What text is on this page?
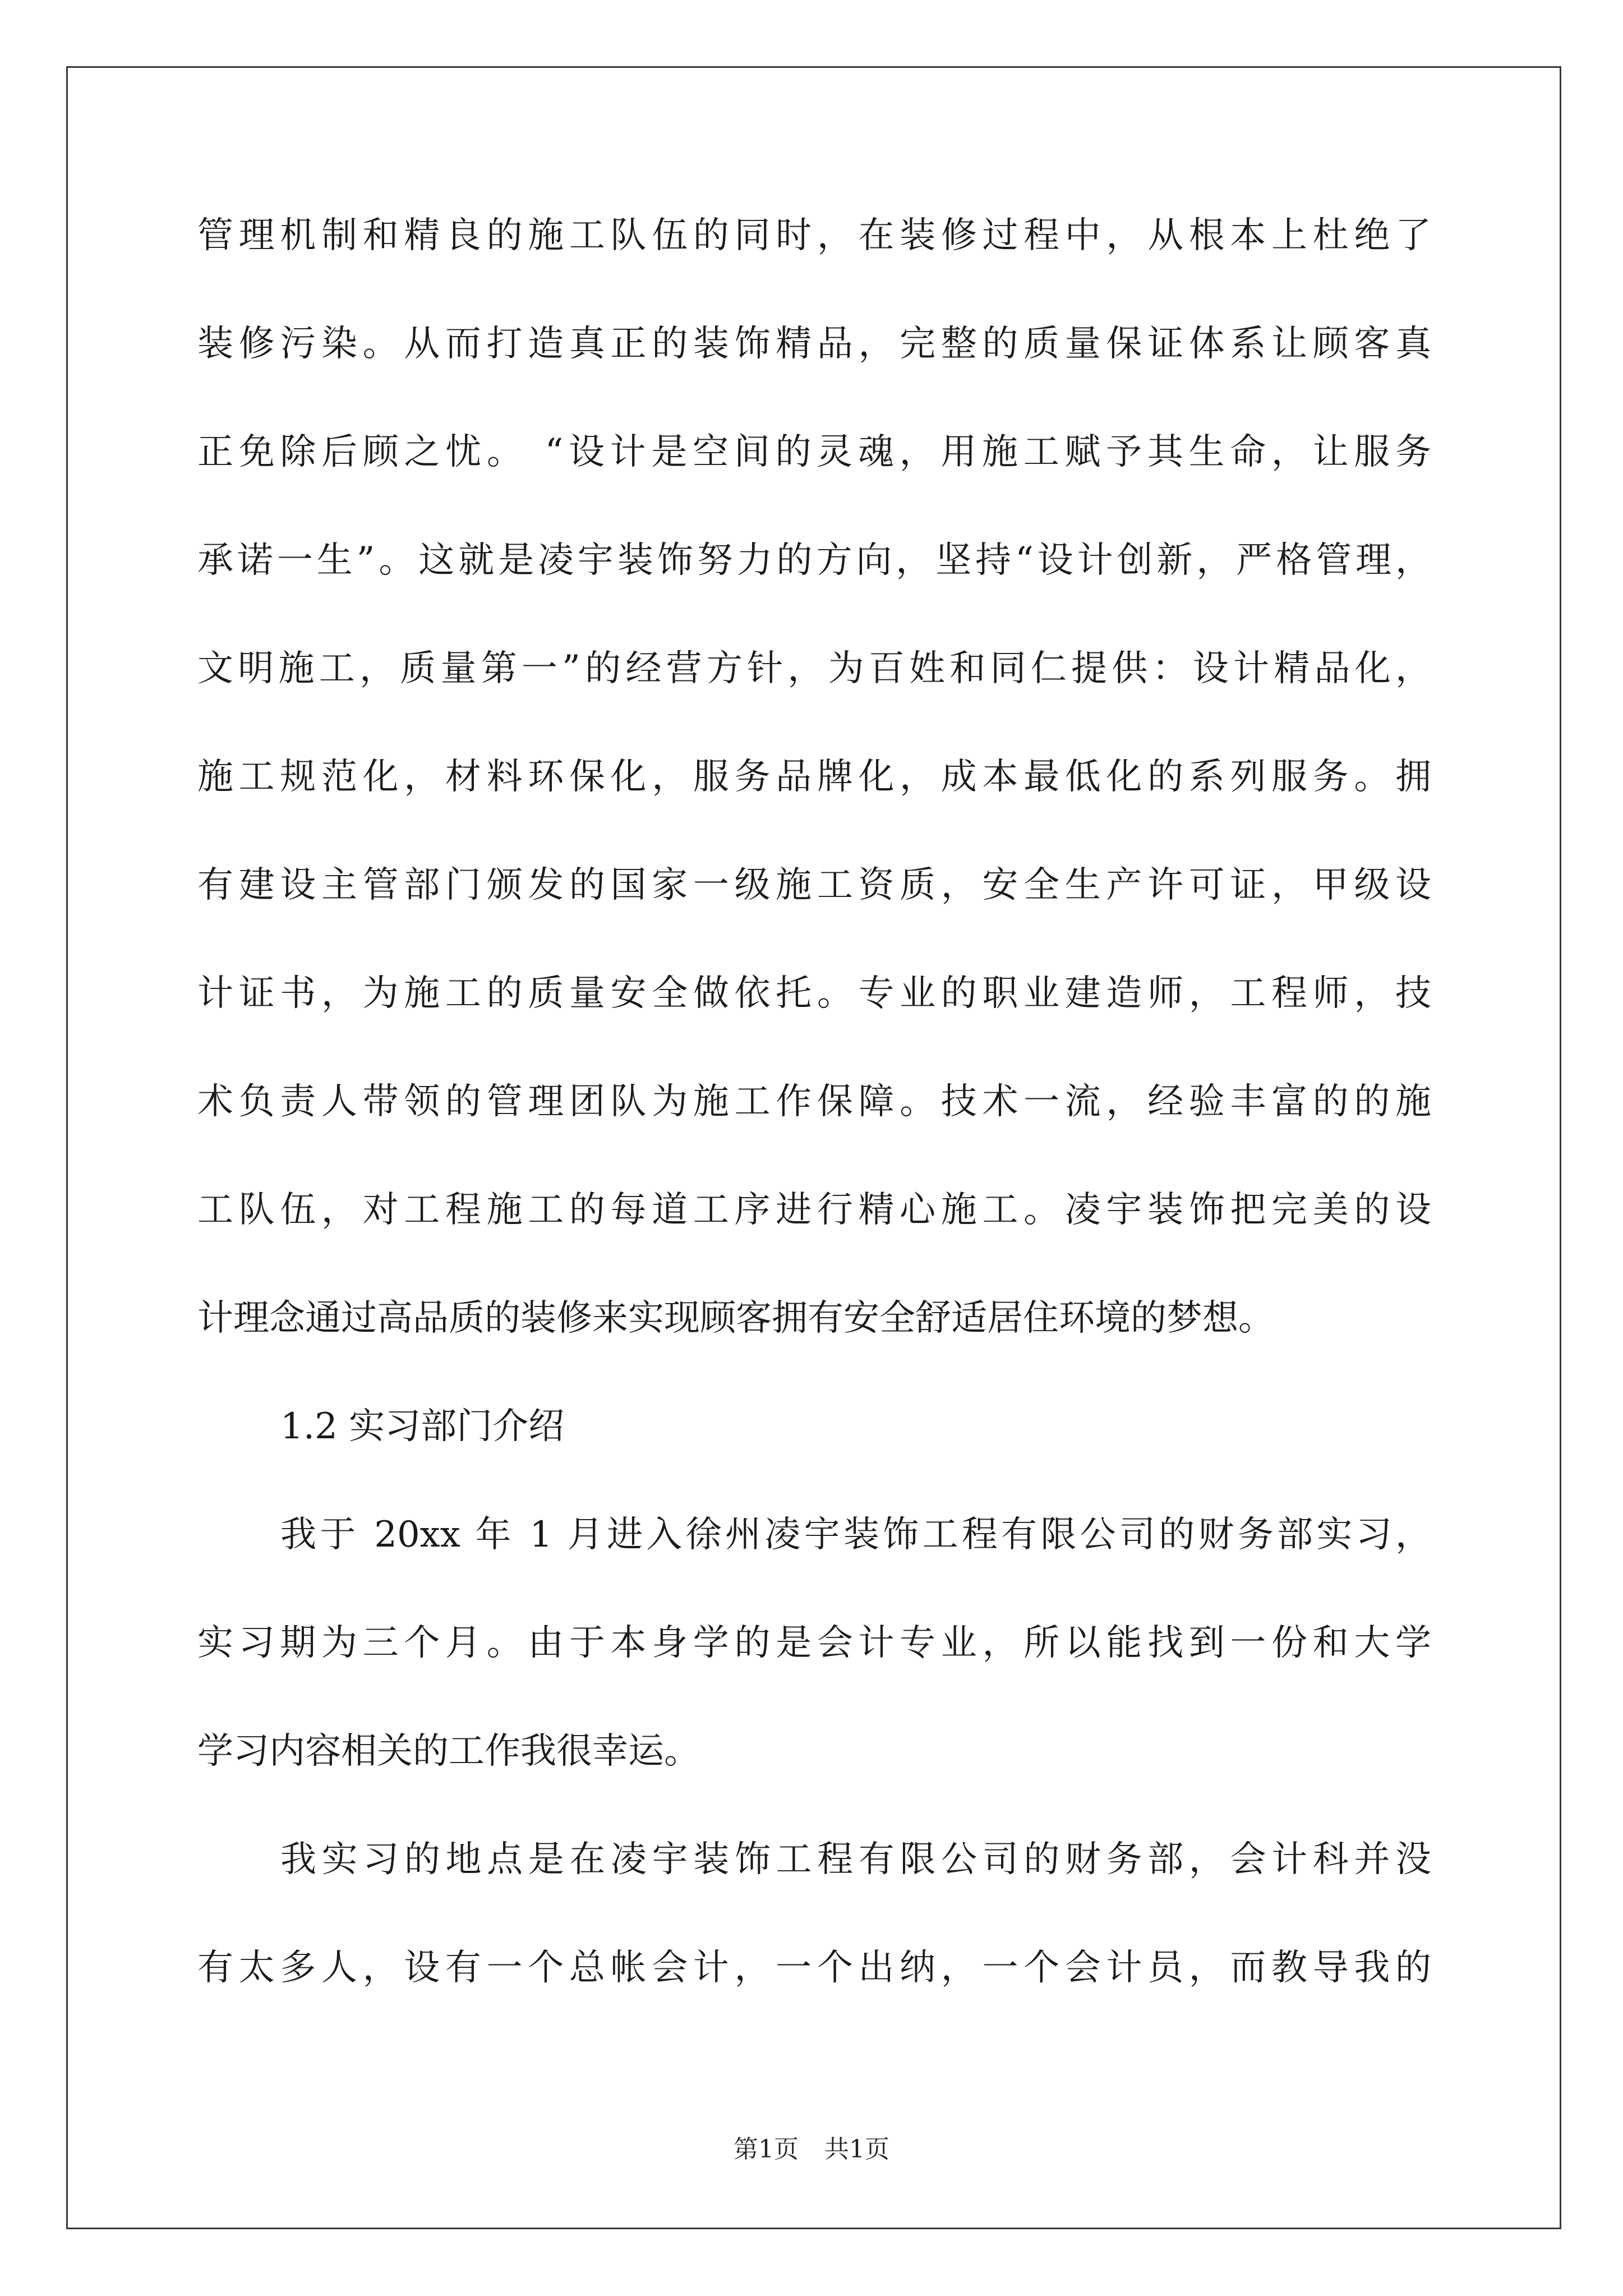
管理机制和精良的施工队伍的同时，在装修过程中，从根本上杜绝了
装修污染。从而打造真正的装饰精品，完整的质量保证体系让顾客真
正免除后顾之忧。 “设计是空间的灵魂，用施工赋予其生命，让服务
承诺一生”。这就是凌宇装饰努力的方向，坚持“设计创新，严格管理，
文明施工，质量第一”的经营方针，为百姓和同仁提供：设计精品化，
施工规范化，材料环保化，服务品牌化，成本最低化的系列服务。拥
有建设主管部门颁发的国家一级施工资质，安全生产许可证，甲级设
计证书，为施工的质量安全做依托。专业的职业建造师，工程师，技
术负责人带领的管理团队为施工作保障。技术一流，经验丰富的的施
工队伍，对工程施工的每道工序进行精心施工。凌宇装饰把完美的设
计理念通过高品质的装修来实现顾客拥有安全舒适居住环境的梦想。
1.2 实习部门介绍
我于 20xx 年 1 月进入徐州凌宇装饰工程有限公司的财务部实习，
实习期为三个月。由于本身学的是会计专业，所以能找到一份和大学
学习内容相关的工作我很幸运。
我实习的地点是在凌宇装饰工程有限公司的财务部，会计科并没
有太多人，设有一个总帐会计，一个出纳，一个会计员，而教导我的
第1页 共1页
